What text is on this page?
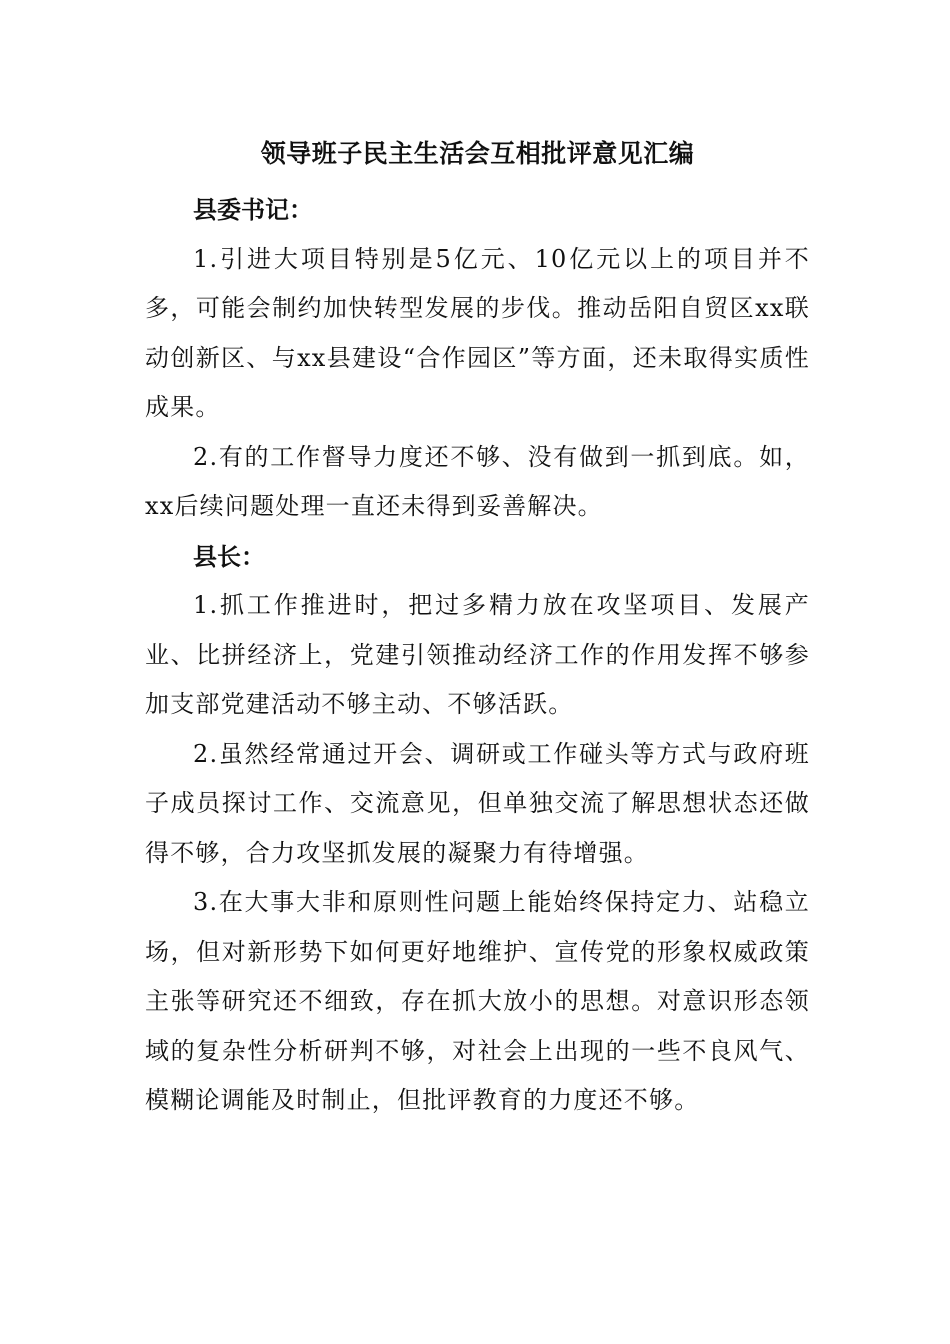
领导班子民主生活会互相批评意见汇编
县委书记：

1.引进大项目特别是5亿元、10亿元以上的项目并不多，可能会制约加快转型发展的步伐。推动岳阳自贸区xx联动创新区、与xx县建设“合作园区”等方面，还未取得实质性成果。

2.有的工作督导力度还不够、没有做到一抓到底。如，xx后续问题处理一直还未得到妥善解决。

县长：

1.抓工作推进时，把过多精力放在攻坚项目、发展产业、比拼经济上，党建引领推动经济工作的作用发挥不够参加支部党建活动不够主动、不够活跃。

2.虽然经常通过开会、调研或工作碰头等方式与政府班子成员探讨工作、交流意见，但单独交流了解思想状态还做得不够，合力攻坚抓发展的凝聚力有待增强。

3.在大事大非和原则性问题上能始终保持定力、站稳立场，但对新形势下如何更好地维护、宣传党的形象权威政策主张等研究还不细致，存在抓大放小的思想。对意识形态领域的复杂性分析研判不够，对社会上出现的一些不良风气、模糊论调能及时制止，但批评教育的力度还不够。
